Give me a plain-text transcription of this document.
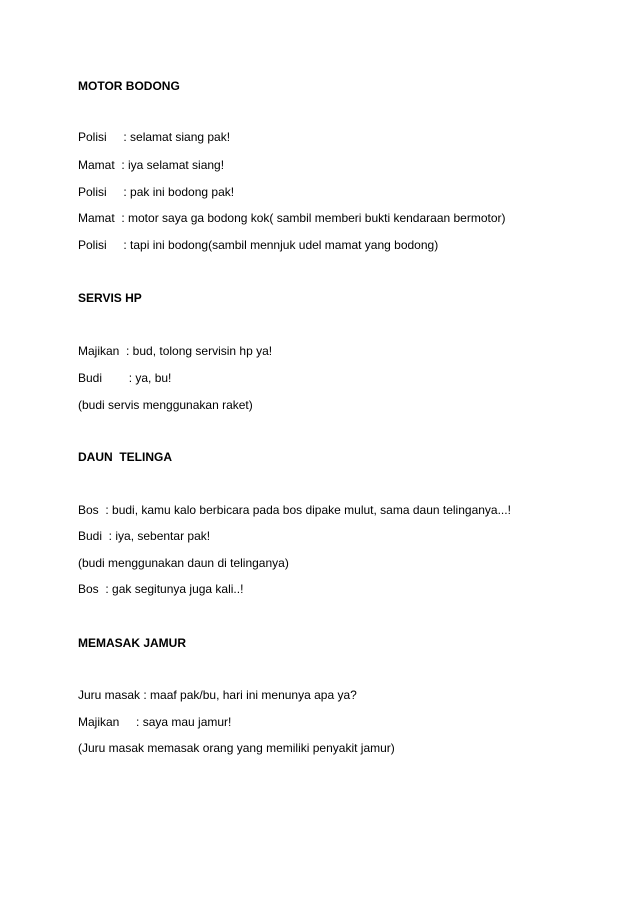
MOTOR BODONG
Polisi     : selamat siang pak!
Mamat  : iya selamat siang!
Polisi     : pak ini bodong pak!
Mamat  : motor saya ga bodong kok( sambil memberi bukti kendaraan bermotor)
Polisi     : tapi ini bodong(sambil mennjuk udel mamat yang bodong)
SERVIS HP
Majikan  : bud, tolong servisin hp ya!
Budi        : ya, bu!
(budi servis menggunakan raket)
DAUN  TELINGA
Bos  : budi, kamu kalo berbicara pada bos dipake mulut, sama daun telinganya...!
Budi  : iya, sebentar pak!
(budi menggunakan daun di telinganya)
Bos  : gak segitunya juga kali..!
MEMASAK JAMUR
Juru masak : maaf pak/bu, hari ini menunya apa ya?
Majikan     : saya mau jamur!
(Juru masak memasak orang yang memiliki penyakit jamur)
